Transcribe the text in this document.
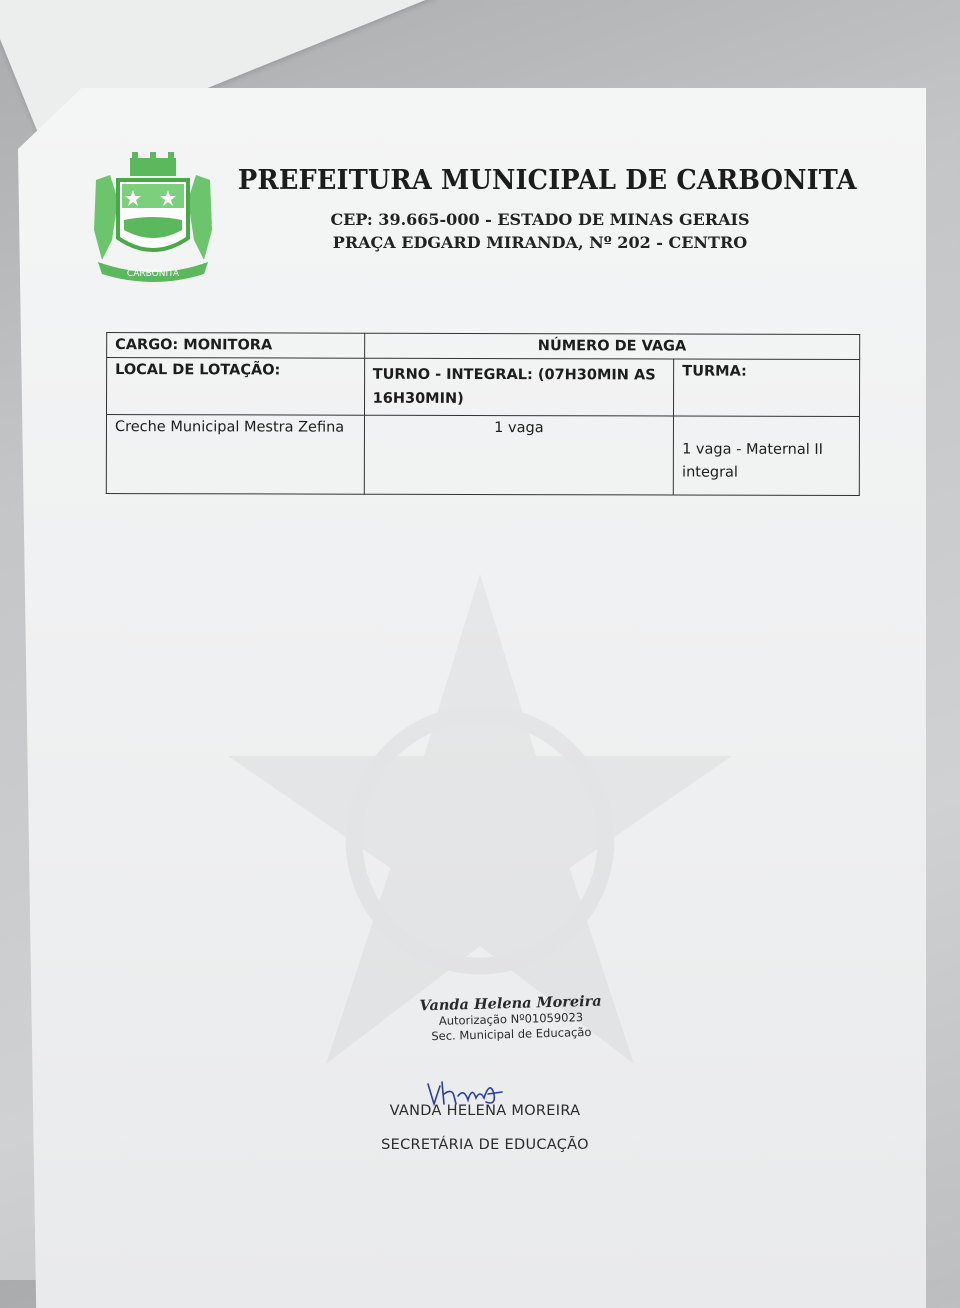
CARBONITA
PREFEITURA MUNICIPAL DE CARBONITA
CEP: 39.665-000 - ESTADO DE MINAS GERAIS
PRAÇA EDGARD MIRANDA, Nº 202 - CENTRO
CARGO: MONITORA	NÚMERO DE VAGA	
LOCAL DE LOTAÇÃO:	TURNO - INTEGRAL: (07H30MIN AS 16H30MIN)	TURMA:
Creche Municipal Mestra Zefina	1 vaga	1 vaga - Maternal II integral
Vanda Helena Moreira
Autorização Nº01059023
Sec. Municipal de Educação
VANDA HELENA MOREIRA
SECRETÁRIA DE EDUCAÇÃO
